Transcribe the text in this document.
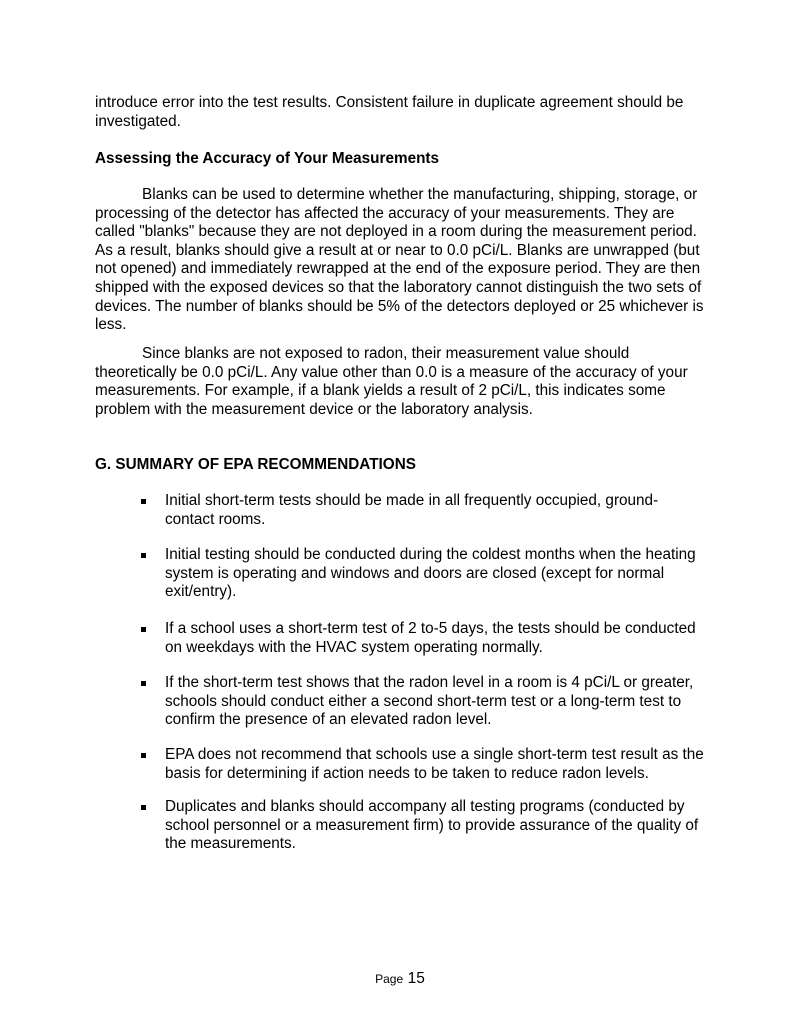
introduce error into the test results. Consistent failure in duplicate agreement should be investigated.

Assessing the Accuracy of Your Measurements

Blanks can be used to determine whether the manufacturing, shipping, storage, or processing of the detector has affected the accuracy of your measurements. They are called "blanks" because they are not deployed in a room during the measurement period. As a result, blanks should give a result at or near to 0.0 pCi/L. Blanks are unwrapped (but not opened) and immediately rewrapped at the end of the exposure period. They are then shipped with the exposed devices so that the laboratory cannot distinguish the two sets of devices. The number of blanks should be 5% of the detectors deployed or 25 whichever is less.

Since blanks are not exposed to radon, their measurement value should theoretically be 0.0 pCi/L. Any value other than 0.0 is a measure of the accuracy of your measurements. For example, if a blank yields a result of 2 pCi/L, this indicates some problem with the measurement device or the laboratory analysis.

G. SUMMARY OF EPA RECOMMENDATIONS
Initial short-term tests should be made in all frequently occupied, ground-contact rooms.
Initial testing should be conducted during the coldest months when the heating system is operating and windows and doors are closed (except for normal exit/entry).
If a school uses a short-term test of 2 to-5 days, the tests should be conducted on weekdays with the HVAC system operating normally.
If the short-term test shows that the radon level in a room is 4 pCi/L or greater, schools should conduct either a second short-term test or a long-term test to confirm the presence of an elevated radon level.
EPA does not recommend that schools use a single short-term test result as the basis for determining if action needs to be taken to reduce radon levels.
Duplicates and blanks should accompany all testing programs (conducted by school personnel or a measurement firm) to provide assurance of the quality of the measurements.
Page 15
